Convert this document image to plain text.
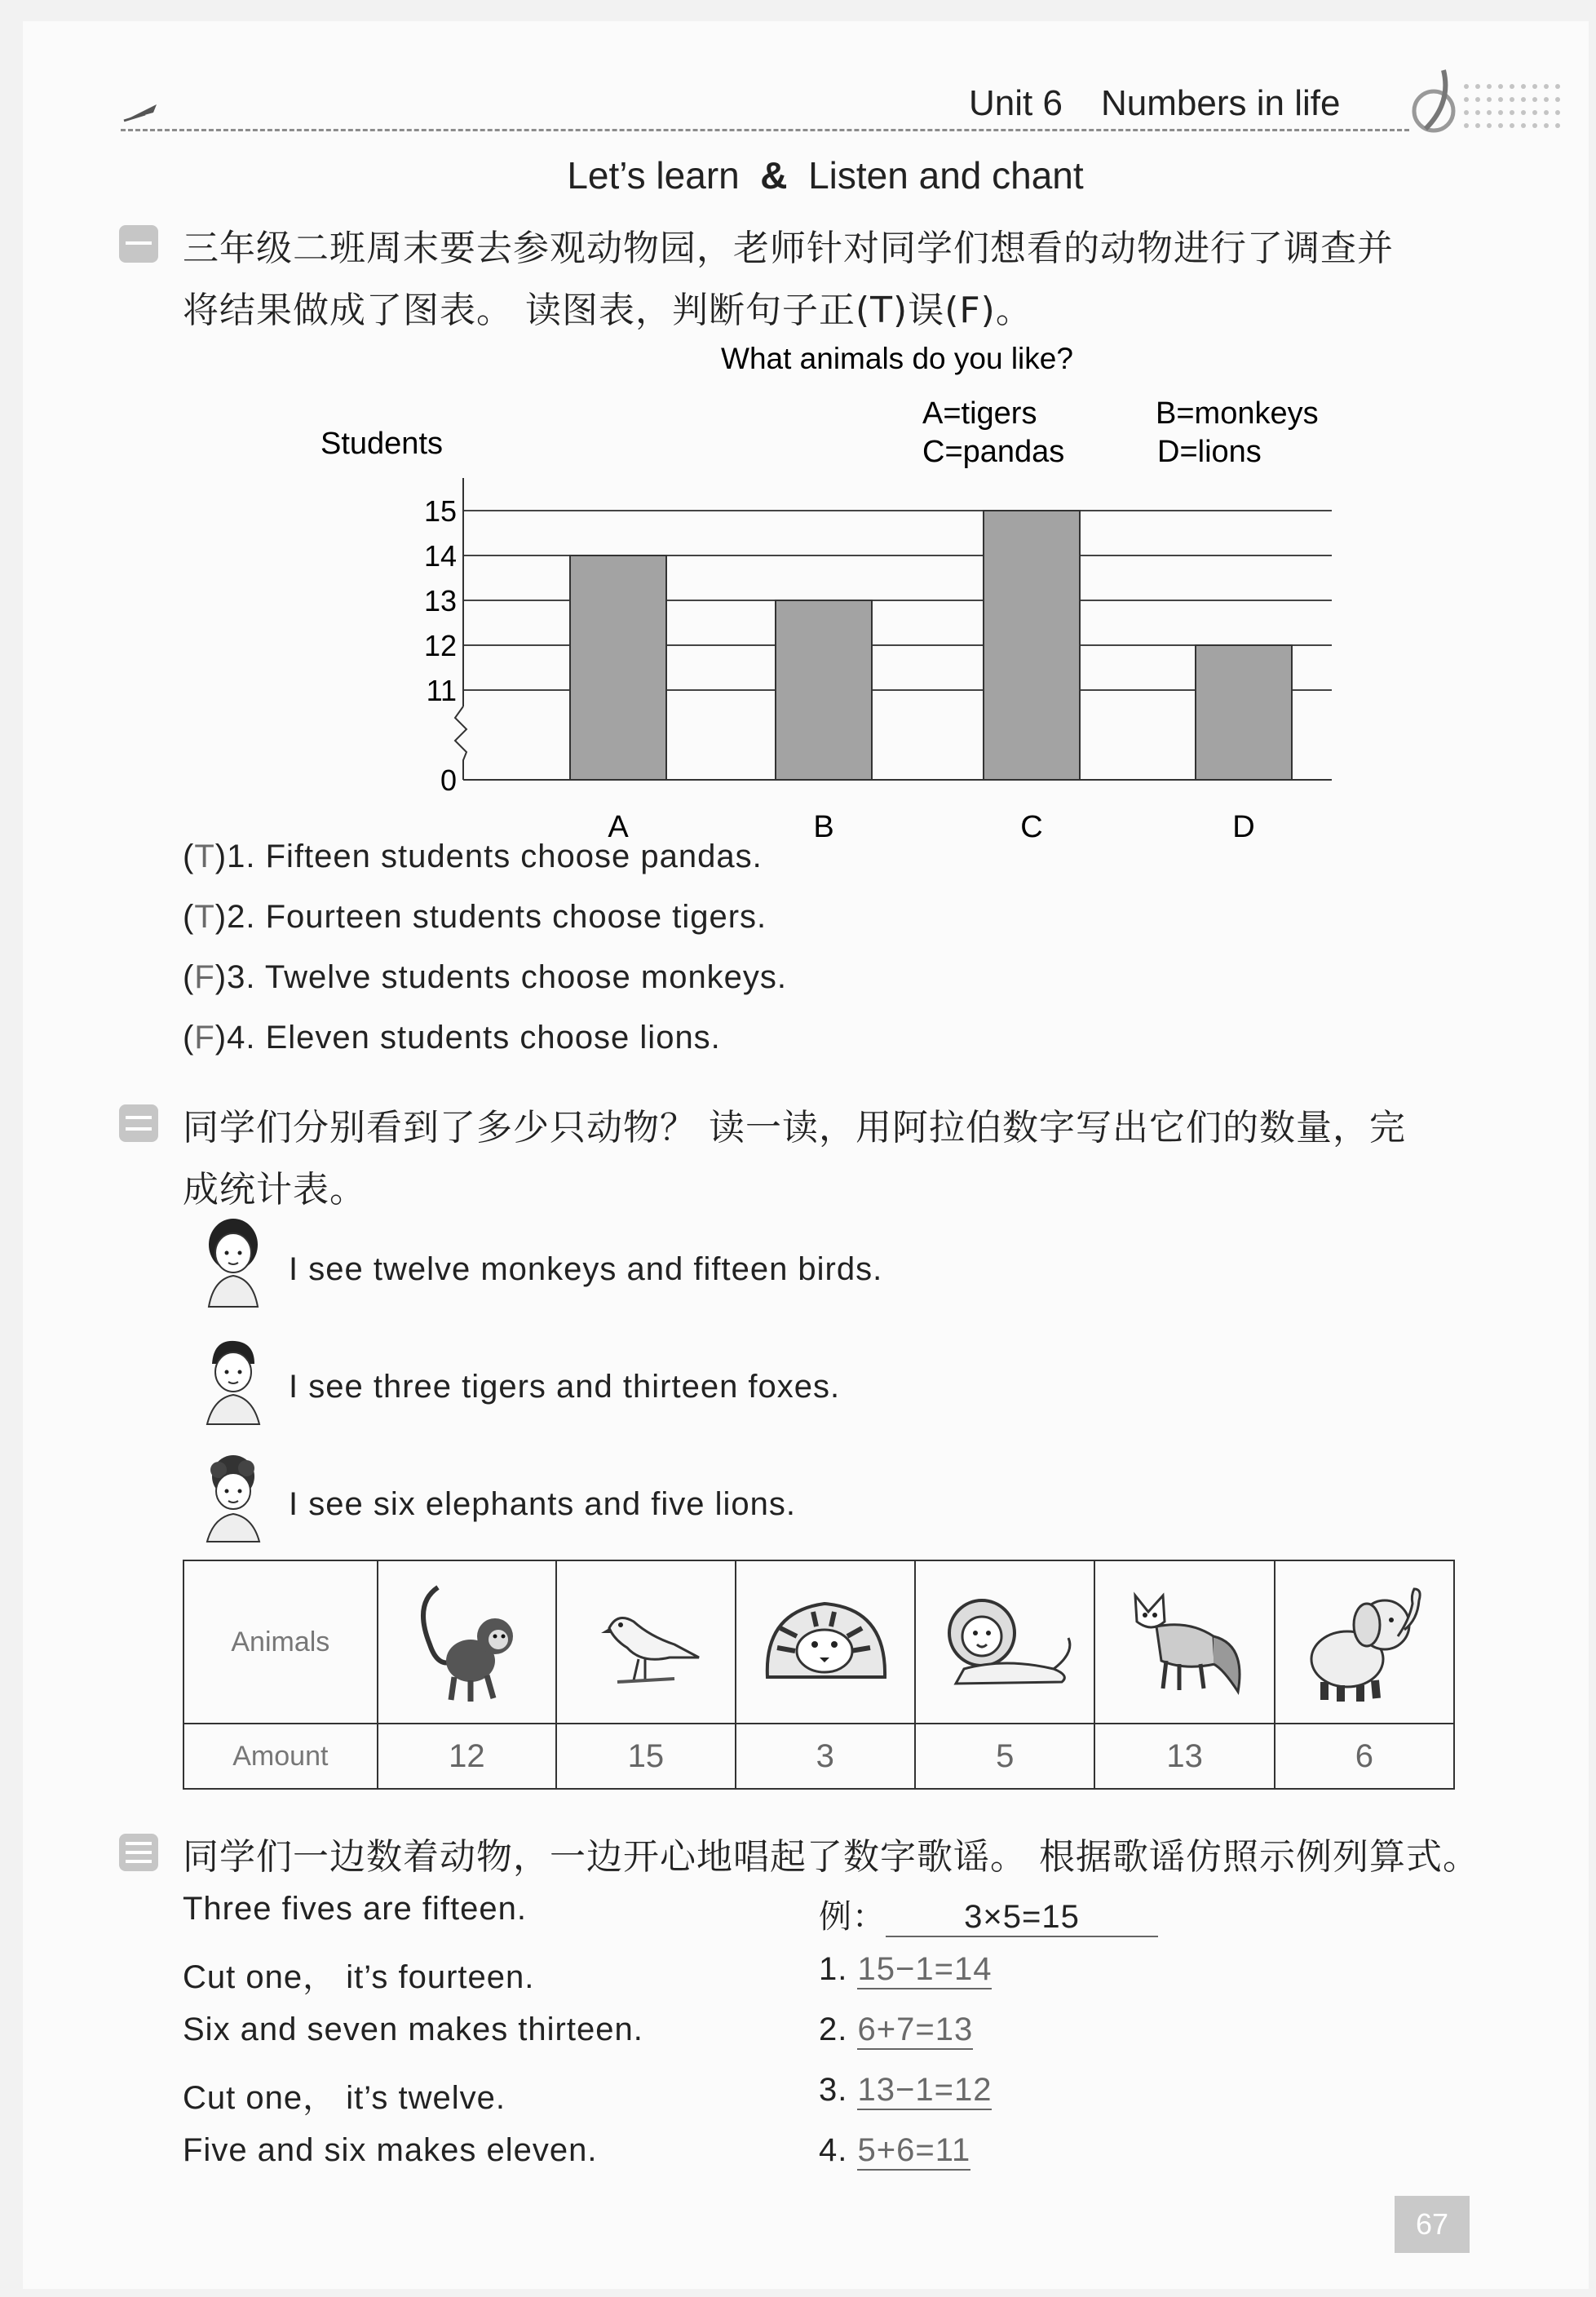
Unit 6 Numbers in life
Let’s learn & Listen and chant
三年级二班周末要去参观动物园，老师针对同学们想看的动物进行了调查并
将结果做成了图表。 读图表，判断句子正(T)误(F)。
What animals do you like?
Students
A=tigers	B=monkeys
C=pandas	D=lions
0
11
12
13
14
15
A	B	C	D
(T)1. Fifteen students choose pandas.
(T)2. Fourteen students choose tigers.
(F)3. Twelve students choose monkeys.
(F)4. Eleven students choose lions.
同学们分别看到了多少只动物？ 读一读，用阿拉伯数字写出它们的数量，完
成统计表。
I see twelve monkeys and fifteen birds.
I see three tigers and thirteen foxes.
I see six elephants and five lions.
Animals						
Amount	12	15	3	5	13	6
同学们一边数着动物，一边开心地唱起了数字歌谣。 根据歌谣仿照示例列算式。
Three fives are fifteen.
Cut one， it’s fourteen.
Six and seven makes thirteen.
Cut one， it’s twelve.
Five and six makes eleven.
例： 3×5=15
1. 15−1=14
2. 6+7=13
3. 13−1=12
4. 5+6=11
67
